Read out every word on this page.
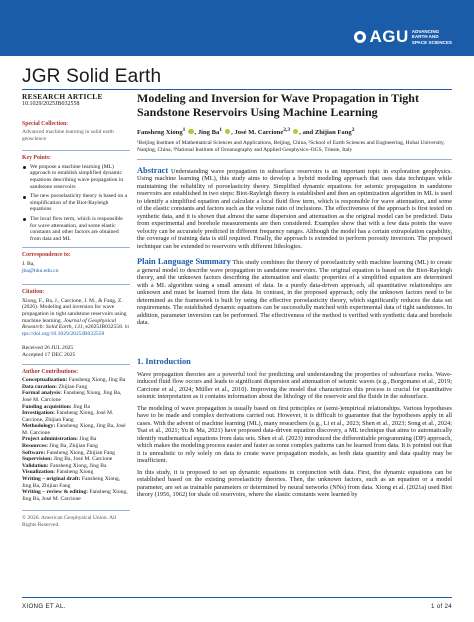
AGU ADVANCING
EARTH AND
SPACE SCIENCES
JGR Solid Earth
RESEARCH ARTICLE
10.1029/2025JB032558
Special Collection:
Advanced machine learning in solid earth geoscience
Key Points:
We propose a machine learning (ML) approach to establish simplified dynamic equations describing wave propagation in sandstone reservoirs
The new poroelasticity theory is based on a simplification of the Biot-Rayleigh equations
The local flow term, which is responsible for wave attenuation, and some elastic constants and other factors are obtained from data and ML
Correspondence to:
J. Ba,
jba@hhu.edu.cn
Citation:
Xiong, F., Ba, J., Carcione, J. M., & Fang, Z. (2026). Modeling and inversion for wave propagation in tight sandstone reservoirs using machine learning. Journal of Geophysical Research: Solid Earth, 131, e2025JB032558. https://doi.org/10.1029/2025JB032558
Received 26 JUL 2025
Accepted 17 DEC 2025
Author Contributions:
Conceptualization: Fansheng Xiong, Jing Ba
Data curation: Zhijian Fang
Formal analysis: Fansheng Xiong, Jing Ba, José M. Carcione
Funding acquisition: Jing Ba
Investigation: Fansheng Xiong, José M. Carcione, Zhijian Fang
Methodology: Fansheng Xiong, Jing Ba, José M. Carcione
Project administration: Jing Ba
Resources: Jing Ba, Zhijian Fang
Software: Fansheng Xiong, Zhijian Fang
Supervision: Jing Ba, José M. Carcione
Validation: Fansheng Xiong, Jing Ba
Visualization: Fansheng Xiong
Writing – original draft: Fansheng Xiong, Jing Ba, Zhijian Fang
Writing – review & editing: Fansheng Xiong, Jing Ba, José M. Carcione
© 2026. American Geophysical Union. All Rights Reserved.
Modeling and Inversion for Wave Propagation in Tight Sandstone Reservoirs Using Machine Learning
Fansheng Xiong$^1$ , Jing Ba$^1$ , José M. Carcione$^{2,3}$ , and Zhijian Fang$^2$
¹Beijing Institute of Mathematical Sciences and Applications, Beijing, China, ²School of Earth Sciences and Engineering, Hohai University, Nanjing, China, ³National Institute of Oceanography and Applied Geophysics–OGS, Trieste, Italy

Abstract Understanding wave propagation in subsurface reservoirs is an important topic in exploration geophysics. Using machine learning (ML), this study aims to develop a hybrid modeling approach that uses data techniques while maintaining the reliability of poroelasticity theory. Simplified dynamic equations for seismic propagation in sandstone reservoirs are established in two steps: Biot-Rayleigh theory is established and then an optimization algorithm in ML is used to identify a simplified equation and calculate a local fluid flow term, which is responsible for wave attenuation, and some of the elastic constants and factors such as the volume ratio of inclusions. The effectiveness of the approach is first tested on synthetic data, and it is shown that almost the same dispersion and attenuation as the original model can be predicted. Data from experimental and borehole measurements are then considered. Examples show that with a few data points the wave velocity can be accurately predicted in different frequency ranges. Although the model has a certain extrapolation capability, the coverage of training data is still required. Finally, the approach is extended to perform porosity inversion. The proposed technique can be extended to reservoirs with different lithologies.

Plain Language Summary This study combines the theory of poroelasticity with machine learning (ML) to create a general model to describe wave propagation in sandstone reservoirs. The original equation is based on the Biot-Rayleigh theory, and the unknown factors describing the attenuation and elastic properties of a simplified equation are determined with a ML algorithm using a small amount of data. In a purely data-driven approach, all quantitative relationships are unknown and must be learned from the data. In contrast, in the proposed approach, only the unknown factors need to be determined as the framework is built by using the effective poroelasticity theory, which significantly reduces the data set requirements. The established dynamic equations can be successfully matched with experimental data of tight sandstones. In addition, parameter inversion can be performed. The effectiveness of the method is verified with synthetic data and borehole data.

1. Introduction

Wave propagation theories are a powerful tool for predicting and understanding the properties of subsurface rocks. Wave-induced fluid flow occurs and leads to significant dispersion and attenuation of seismic waves (e.g., Borgomano et al., 2019; Carcione et al., 2024; Müller et al., 2010). Improving the model that characterizes this process is crucial for quantitative seismic interpretation as it contains information about the lithology of the reservoir and the fluids in the subsurface.

The modeling of wave propagation is usually based on first principles or (semi-)empirical relationships. Various hypotheses have to be made and complex derivations carried out. However, it is difficult to guarantee that the hypotheses apply in all cases. With the advent of machine learning (ML), many researchers (e.g., Li et al., 2023; Shen et al., 2023; Song et al., 2024; Tsai et al., 2021; Yu & Ma, 2021) have proposed data-driven equation discovery, a ML technique that aims to automatically identify mathematical equations from data sets. Shen et al. (2023) introduced the differentiable programming (DP) approach, which makes the modeling process easier and faster as some complex patterns can be learned from data. It is pointed out that it is unrealistic to rely solely on data to create wave propagation models, as both data quantity and data quality may be insufficient.

In this study, it is proposed to set up dynamic equations in conjunction with data. First, the dynamic equations can be established based on the existing poroelasticity theories. Then, the unknown factors, such as an equation or a model parameter, are set as trainable parameters or determined by neural networks (NNs) from data. Xiong et al. (2021a) used Biot theory (1956, 1962) for shale oil reservoirs, where the elastic constants were learned by

XIONG ET AL.	1 of 24
